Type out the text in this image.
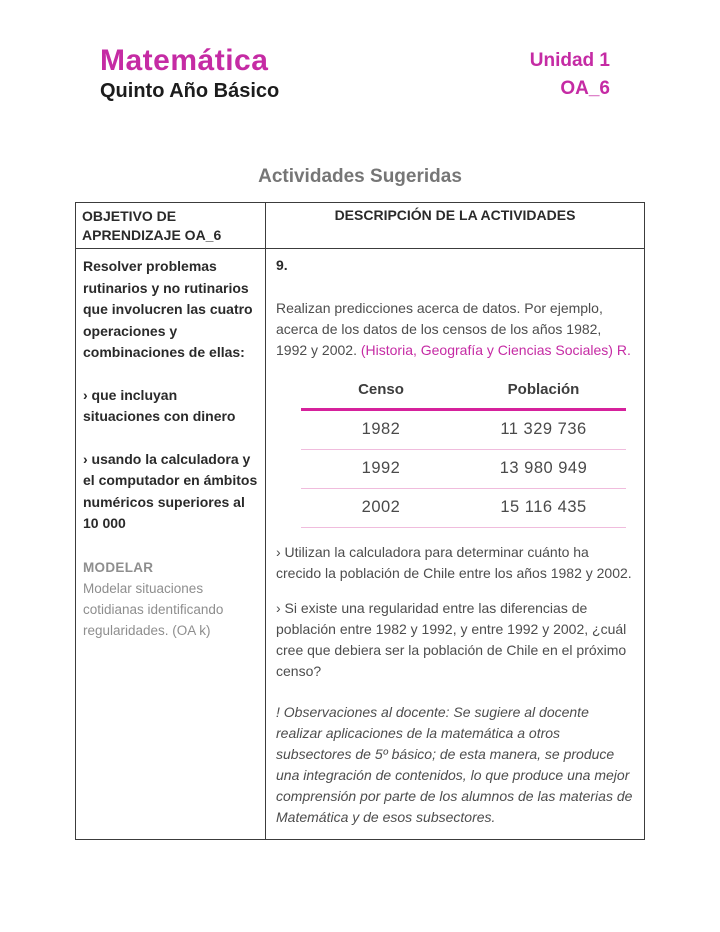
Matemática
Quinto Año Básico
Unidad 1
OA_6
Actividades Sugeridas
OBJETIVO DE APRENDIZAJE OA_6
DESCRIPCIÓN DE LA ACTIVIDADES

Resolver problemas rutinarios y no rutinarios que involucren las cuatro operaciones y combinaciones de ellas:

› que incluyan situaciones con dinero

› usando la calculadora y el computador en ámbitos numéricos superiores al 10 000

MODELAR
Modelar situaciones cotidianas identificando regularidades. (OA k)
9.

Realizan predicciones acerca de datos. Por ejemplo, acerca de los datos de los censos de los años 1982, 1992 y 2002. (Historia, Geografía y Ciencias Sociales) R.

Censo	Población
1982	11 329 736
1992	13 980 949
2002	15 116 435

› Utilizan la calculadora para determinar cuánto ha crecido la población de Chile entre los años 1982 y 2002.

› Si existe una regularidad entre las diferencias de población entre 1982 y 1992, y entre 1992 y 2002, ¿cuál cree que debiera ser la población de Chile en el próximo censo?

! Observaciones al docente: Se sugiere al docente realizar aplicaciones de la matemática a otros subsectores de 5º básico; de esta manera, se produce una integración de contenidos, lo que produce una mejor comprensión por parte de los alumnos de las materias de Matemática y de esos subsectores.
